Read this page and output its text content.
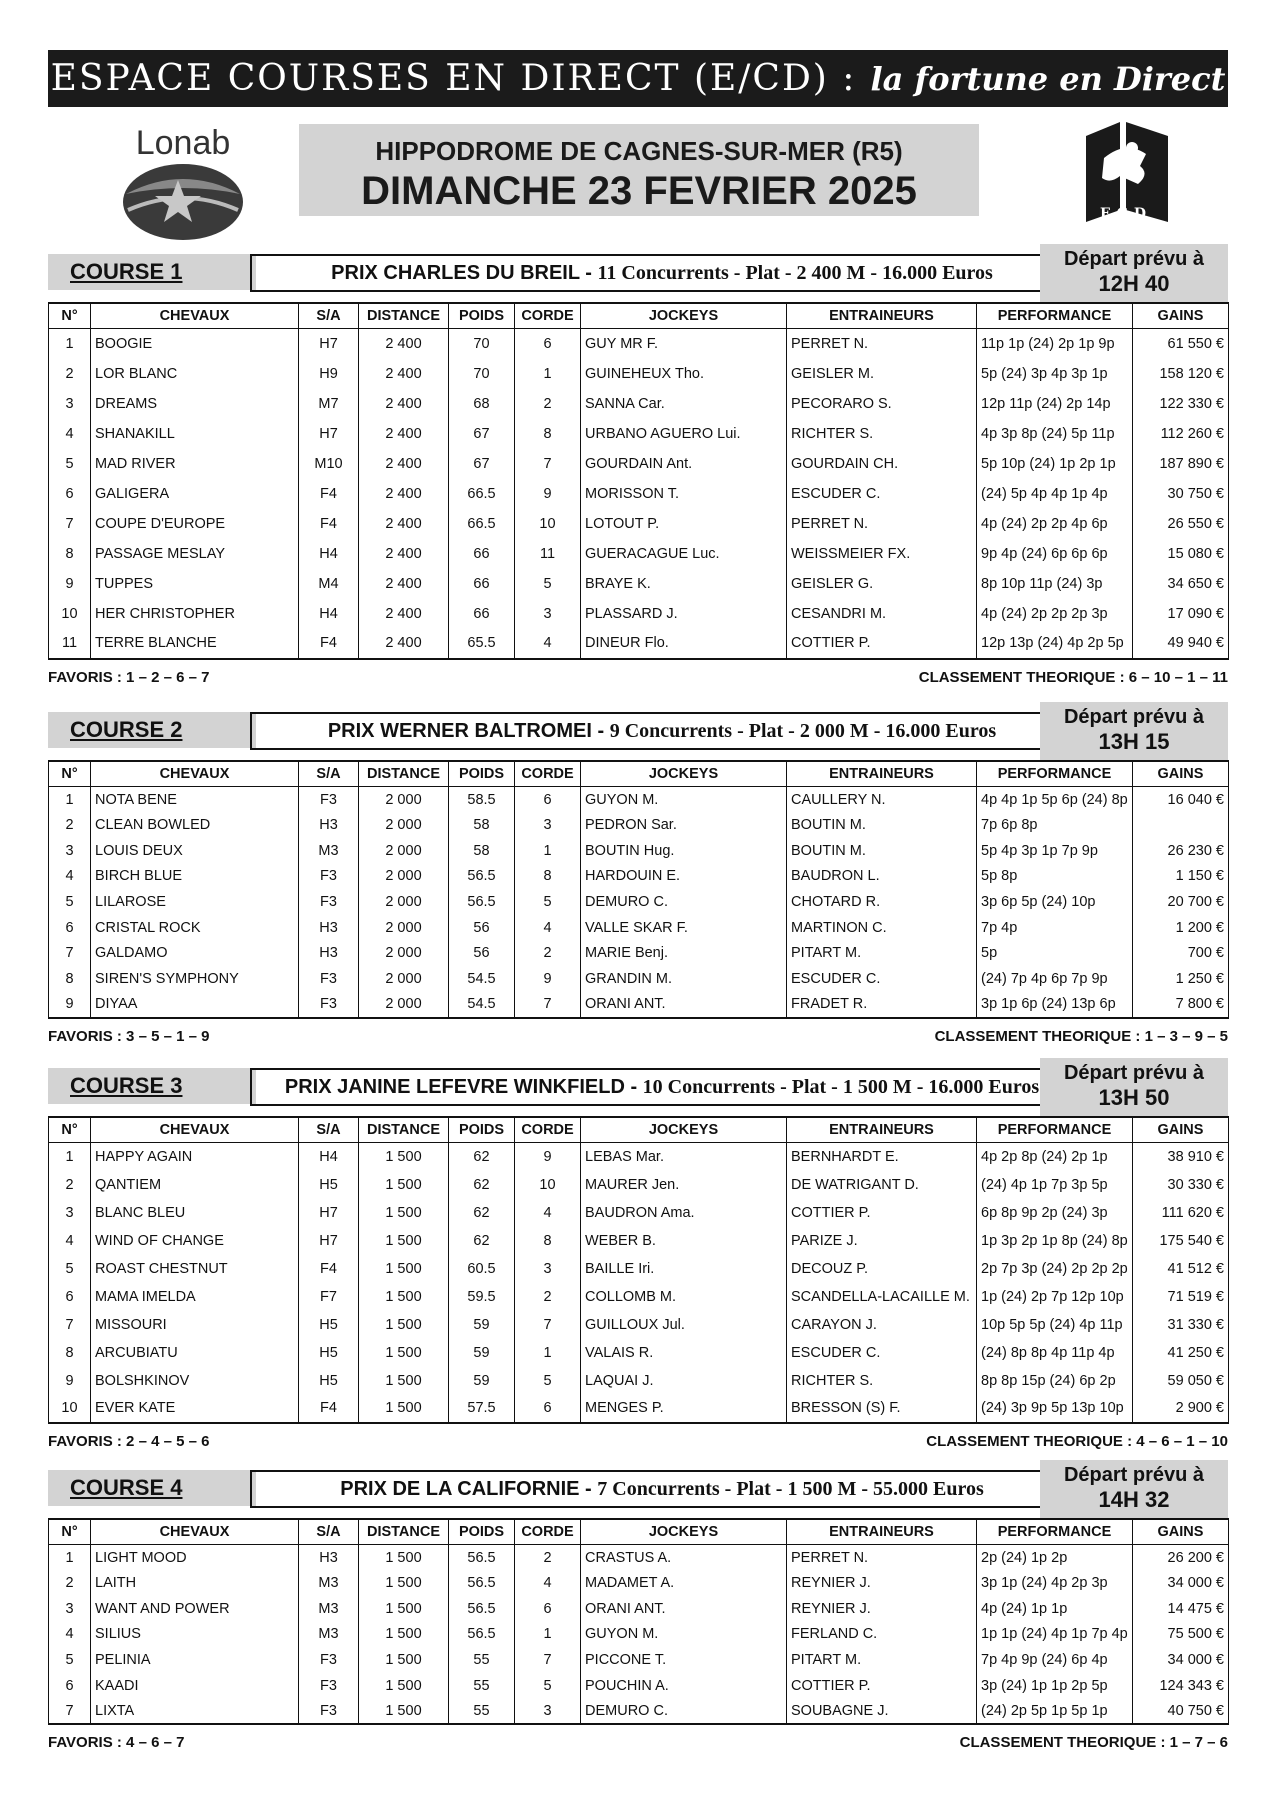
ESPACE COURSES EN DIRECT (E/CD) : la fortune en Direct
Lonab	HIPPODROME DE CAGNES-SUR-MER (R5)
DIMANCHE 23 FEVRIER 2025
ECD
COURSE 1	PRIX CHARLES DU BREIL - 11 Concurrents - Plat - 2 400 M - 16.000 Euros
Départ prévu à
12H 40
N°	CHEVAUX	S/A	DISTANCE	POIDS	CORDE	JOCKEYS	ENTRAINEURS	PERFORMANCE	GAINS
1	BOOGIE	H7	2 400	70	6	GUY MR F.	PERRET N.	11p 1p (24) 2p 1p 9p	61 550 €
2	LOR BLANC	H9	2 400	70	1	GUINEHEUX Tho.	GEISLER M.	5p (24) 3p 4p 3p 1p	158 120 €
3	DREAMS	M7	2 400	68	2	SANNA Car.	PECORARO S.	12p 11p (24) 2p 14p	122 330 €
4	SHANAKILL	H7	2 400	67	8	URBANO AGUERO Lui.	RICHTER S.	4p 3p 8p (24) 5p 11p	112 260 €
5	MAD RIVER	M10	2 400	67	7	GOURDAIN Ant.	GOURDAIN CH.	5p 10p (24) 1p 2p 1p	187 890 €
6	GALIGERA	F4	2 400	66.5	9	MORISSON T.	ESCUDER C.	(24) 5p 4p 4p 1p 4p	30 750 €
7	COUPE D'EUROPE	F4	2 400	66.5	10	LOTOUT P.	PERRET N.	4p (24) 2p 2p 4p 6p	26 550 €
8	PASSAGE MESLAY	H4	2 400	66	11	GUERACAGUE Luc.	WEISSMEIER FX.	9p 4p (24) 6p 6p 6p	15 080 €
9	TUPPES	M4	2 400	66	5	BRAYE K.	GEISLER G.	8p 10p 11p (24) 3p	34 650 €
10	HER CHRISTOPHER	H4	2 400	66	3	PLASSARD J.	CESANDRI M.	4p (24) 2p 2p 2p 3p	17 090 €
11	TERRE BLANCHE	F4	2 400	65.5	4	DINEUR Flo.	COTTIER P.	12p 13p (24) 4p 2p 5p	49 940 €
FAVORIS : 1 – 2 – 6 – 7	CLASSEMENT THEORIQUE : 6 – 10 – 1 – 11
COURSE 2	PRIX WERNER BALTROMEI - 9 Concurrents - Plat - 2 000 M - 16.000 Euros
Départ prévu à
13H 15
N°	CHEVAUX	S/A	DISTANCE	POIDS	CORDE	JOCKEYS	ENTRAINEURS	PERFORMANCE	GAINS
1	NOTA BENE	F3	2 000	58.5	6	GUYON M.	CAULLERY N.	4p 4p 1p 5p 6p (24) 8p	16 040 €
2	CLEAN BOWLED	H3	2 000	58	3	PEDRON Sar.	BOUTIN M.	7p 6p 8p	
3	LOUIS DEUX	M3	2 000	58	1	BOUTIN Hug.	BOUTIN M.	5p 4p 3p 1p 7p 9p	26 230 €
4	BIRCH BLUE	F3	2 000	56.5	8	HARDOUIN E.	BAUDRON L.	5p 8p	1 150 €
5	LILAROSE	F3	2 000	56.5	5	DEMURO C.	CHOTARD R.	3p 6p 5p (24) 10p	20 700 €
6	CRISTAL ROCK	H3	2 000	56	4	VALLE SKAR F.	MARTINON C.	7p 4p	1 200 €
7	GALDAMO	H3	2 000	56	2	MARIE Benj.	PITART M.	5p	700 €
8	SIREN'S SYMPHONY	F3	2 000	54.5	9	GRANDIN M.	ESCUDER C.	(24) 7p 4p 6p 7p 9p	1 250 €
9	DIYAA	F3	2 000	54.5	7	ORANI ANT.	FRADET R.	3p 1p 6p (24) 13p 6p	7 800 €
FAVORIS : 3 – 5 – 1 – 9	CLASSEMENT THEORIQUE : 1 – 3 – 9 – 5
COURSE 3	PRIX JANINE LEFEVRE WINKFIELD - 10 Concurrents - Plat - 1 500 M - 16.000 Euros
Départ prévu à
13H 50
N°	CHEVAUX	S/A	DISTANCE	POIDS	CORDE	JOCKEYS	ENTRAINEURS	PERFORMANCE	GAINS
1	HAPPY AGAIN	H4	1 500	62	9	LEBAS Mar.	BERNHARDT E.	4p 2p 8p (24) 2p 1p	38 910 €
2	QANTIEM	H5	1 500	62	10	MAURER Jen.	DE WATRIGANT D.	(24) 4p 1p 7p 3p 5p	30 330 €
3	BLANC BLEU	H7	1 500	62	4	BAUDRON Ama.	COTTIER P.	6p 8p 9p 2p (24) 3p	111 620 €
4	WIND OF CHANGE	H7	1 500	62	8	WEBER B.	PARIZE J.	1p 3p 2p 1p 8p (24) 8p	175 540 €
5	ROAST CHESTNUT	F4	1 500	60.5	3	BAILLE Iri.	DECOUZ P.	2p 7p 3p (24) 2p 2p 2p	41 512 €
6	MAMA IMELDA	F7	1 500	59.5	2	COLLOMB M.	SCANDELLA-LACAILLE M.	1p (24) 2p 7p 12p 10p	71 519 €
7	MISSOURI	H5	1 500	59	7	GUILLOUX Jul.	CARAYON J.	10p 5p 5p (24) 4p 11p	31 330 €
8	ARCUBIATU	H5	1 500	59	1	VALAIS R.	ESCUDER C.	(24) 8p 8p 4p 11p 4p	41 250 €
9	BOLSHKINOV	H5	1 500	59	5	LAQUAI J.	RICHTER S.	8p 8p 15p (24) 6p 2p	59 050 €
10	EVER KATE	F4	1 500	57.5	6	MENGES P.	BRESSON (S) F.	(24) 3p 9p 5p 13p 10p	2 900 €
FAVORIS : 2 – 4 – 5 – 6	CLASSEMENT THEORIQUE : 4 – 6 – 1 – 10
COURSE 4	PRIX DE LA CALIFORNIE - 7 Concurrents - Plat - 1 500 M - 55.000 Euros
Départ prévu à
14H 32
N°	CHEVAUX	S/A	DISTANCE	POIDS	CORDE	JOCKEYS	ENTRAINEURS	PERFORMANCE	GAINS
1	LIGHT MOOD	H3	1 500	56.5	2	CRASTUS A.	PERRET N.	2p (24) 1p 2p	26 200 €
2	LAITH	M3	1 500	56.5	4	MADAMET A.	REYNIER J.	3p 1p (24) 4p 2p 3p	34 000 €
3	WANT AND POWER	M3	1 500	56.5	6	ORANI ANT.	REYNIER J.	4p (24) 1p 1p	14 475 €
4	SILIUS	M3	1 500	56.5	1	GUYON M.	FERLAND C.	1p 1p (24) 4p 1p 7p 4p	75 500 €
5	PELINIA	F3	1 500	55	7	PICCONE T.	PITART M.	7p 4p 9p (24) 6p 4p	34 000 €
6	KAADI	F3	1 500	55	5	POUCHIN A.	COTTIER P.	3p (24) 1p 1p 2p 5p	124 343 €
7	LIXTA	F3	1 500	55	3	DEMURO C.	SOUBAGNE J.	(24) 2p 5p 1p 5p 1p	40 750 €
FAVORIS : 4 – 6 – 7	CLASSEMENT THEORIQUE : 1 – 7 – 6
